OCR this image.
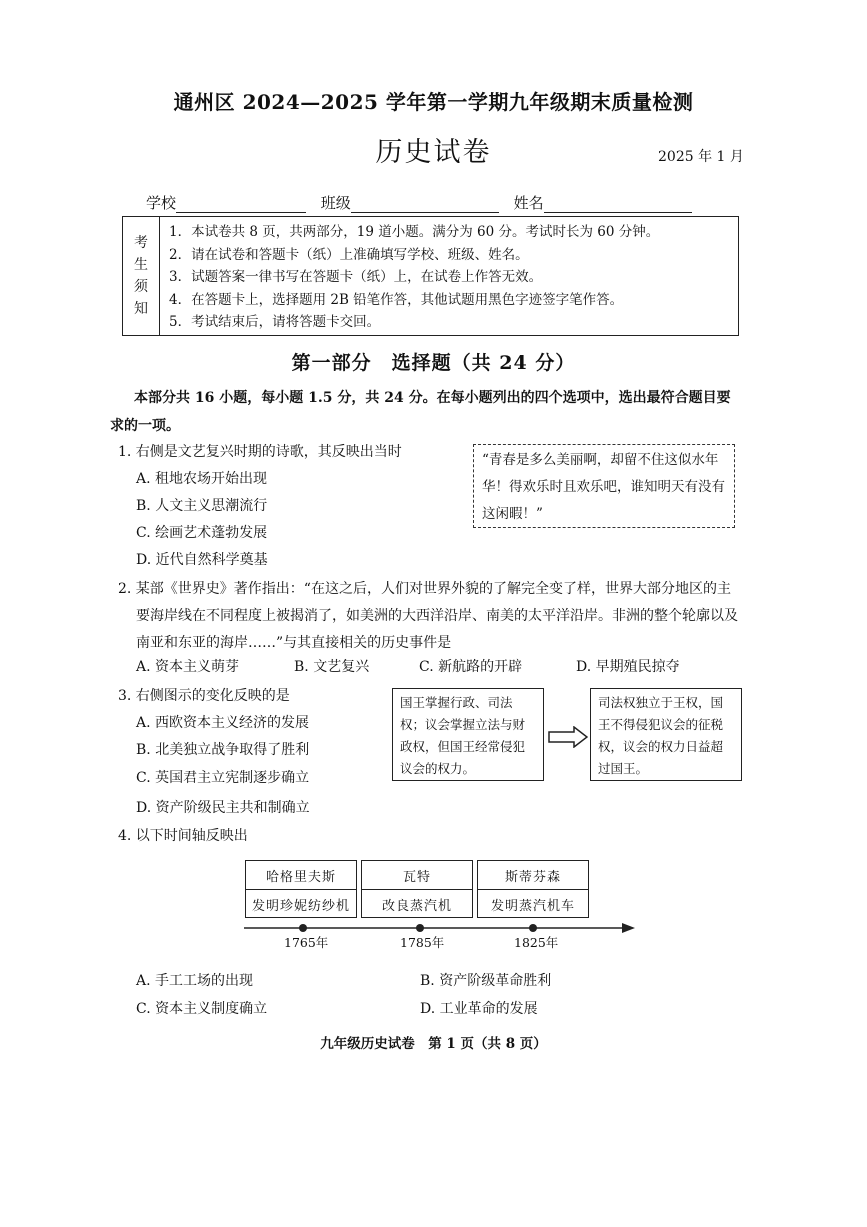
通州区 2024—2025 学年第一学期九年级期末质量检测
历史试卷	2025 年 1 月
学校	班级	姓名
考
生
须
知
1．本试卷共 8 页，共两部分，19 道小题。满分为 60 分。考试时长为 60 分钟。
2．请在试卷和答题卡（纸）上准确填写学校、班级、姓名。
3．试题答案一律书写在答题卡（纸）上，在试卷上作答无效。
4．在答题卡上，选择题用 2B 铅笔作答，其他试题用黑色字迹签字笔作答。
5．考试结束后，请将答题卡交回。
第一部分　选择题（共 24 分）
本部分共 16 小题，每小题 1.5 分，共 24 分。在每小题列出的四个选项中，选出最符合题目要求的一项。
1. 右侧是文艺复兴时期的诗歌，其反映出当时
A. 租地农场开始出现
B. 人文主义思潮流行
C. 绘画艺术蓬勃发展
D. 近代自然科学奠基
“青春是多么美丽啊，却留不住这似水年华！得欢乐时且欢乐吧，谁知明天有没有这闲暇！”
2. 某部《世界史》著作指出：“在这之后，人们对世界外貌的了解完全变了样，世界大部分地区的主要海岸线在不同程度上被揭消了，如美洲的大西洋沿岸、南美的太平洋沿岸。非洲的整个轮廓以及南亚和东亚的海岸……”与其直接相关的历史事件是
A. 资本主义萌芽	B. 文艺复兴	C. 新航路的开辟	D. 早期殖民掠夺
3. 右侧图示的变化反映的是
A. 西欧资本主义经济的发展
B. 北美独立战争取得了胜利
C. 英国君主立宪制逐步确立
D. 资产阶级民主共和制确立
国王掌握行政、司法权；议会掌握立法与财政权，但国王经常侵犯议会的权力。
司法权独立于王权，国王不得侵犯议会的征税权，议会的权力日益超过国王。
4. 以下时间轴反映出
哈格里夫斯
发明珍妮纺纱机
瓦特
改良蒸汽机
斯蒂芬森
发明蒸汽机车
1765年	1785年	1825年
A. 手工工场的出现	B. 资产阶级革命胜利
C. 资本主义制度确立	D. 工业革命的发展
九年级历史试卷　第 1 页（共 8 页）
